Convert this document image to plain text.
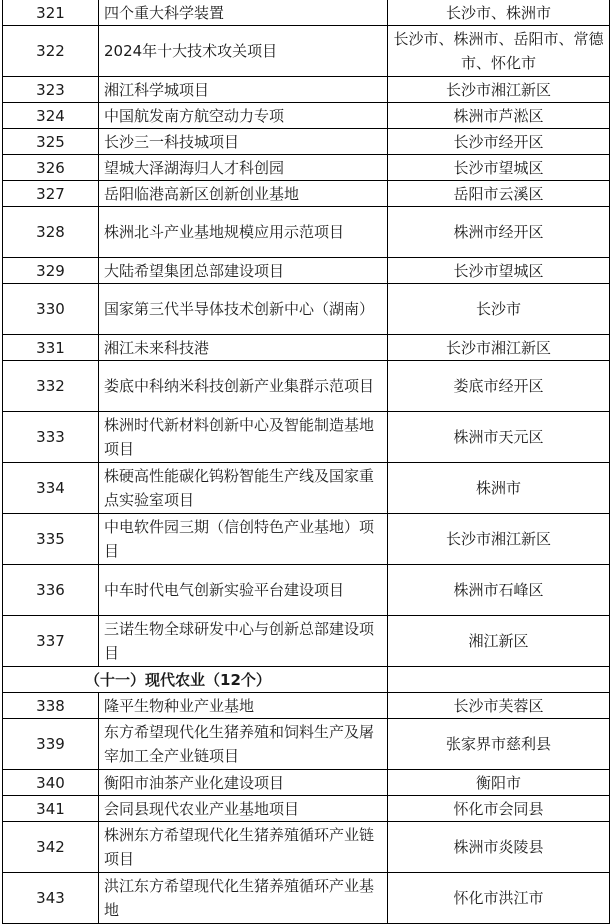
321	四个重大科学装置	长沙市、株洲市
322	2024年十大技术攻关项目	长沙市、株洲市、岳阳市、常德市、怀化市
323	湘江科学城项目	长沙市湘江新区
324	中国航发南方航空动力专项	株洲市芦淞区
325	长沙三一科技城项目	长沙市经开区
326	望城大泽湖海归人才科创园	长沙市望城区
327	岳阳临港高新区创新创业基地	岳阳市云溪区
328	株洲北斗产业基地规模应用示范项目	株洲市经开区
329	大陆希望集团总部建设项目	长沙市望城区
330	国家第三代半导体技术创新中心（湖南）	长沙市
331	湘江未来科技港	长沙市湘江新区
332	娄底中科纳米科技创新产业集群示范项目	娄底市经开区
333	株洲时代新材料创新中心及智能制造基地项目	株洲市天元区
334	株硬高性能碳化钨粉智能生产线及国家重点实验室项目	株洲市
335	中电软件园三期（信创特色产业基地）项目	长沙市湘江新区
336	中车时代电气创新实验平台建设项目	株洲市石峰区
337	三诺生物全球研发中心与创新总部建设项目	湘江新区
（十一）现代农业（12个）		
338	隆平生物种业产业基地	长沙市芙蓉区
339	东方希望现代化生猪养殖和饲料生产及屠宰加工全产业链项目	张家界市慈利县
340	衡阳市油茶产业化建设项目	衡阳市
341	会同县现代农业产业基地项目	怀化市会同县
342	株洲东方希望现代化生猪养殖循环产业链项目	株洲市炎陵县
343	洪江东方希望现代化生猪养殖循环产业基地	怀化市洪江市
